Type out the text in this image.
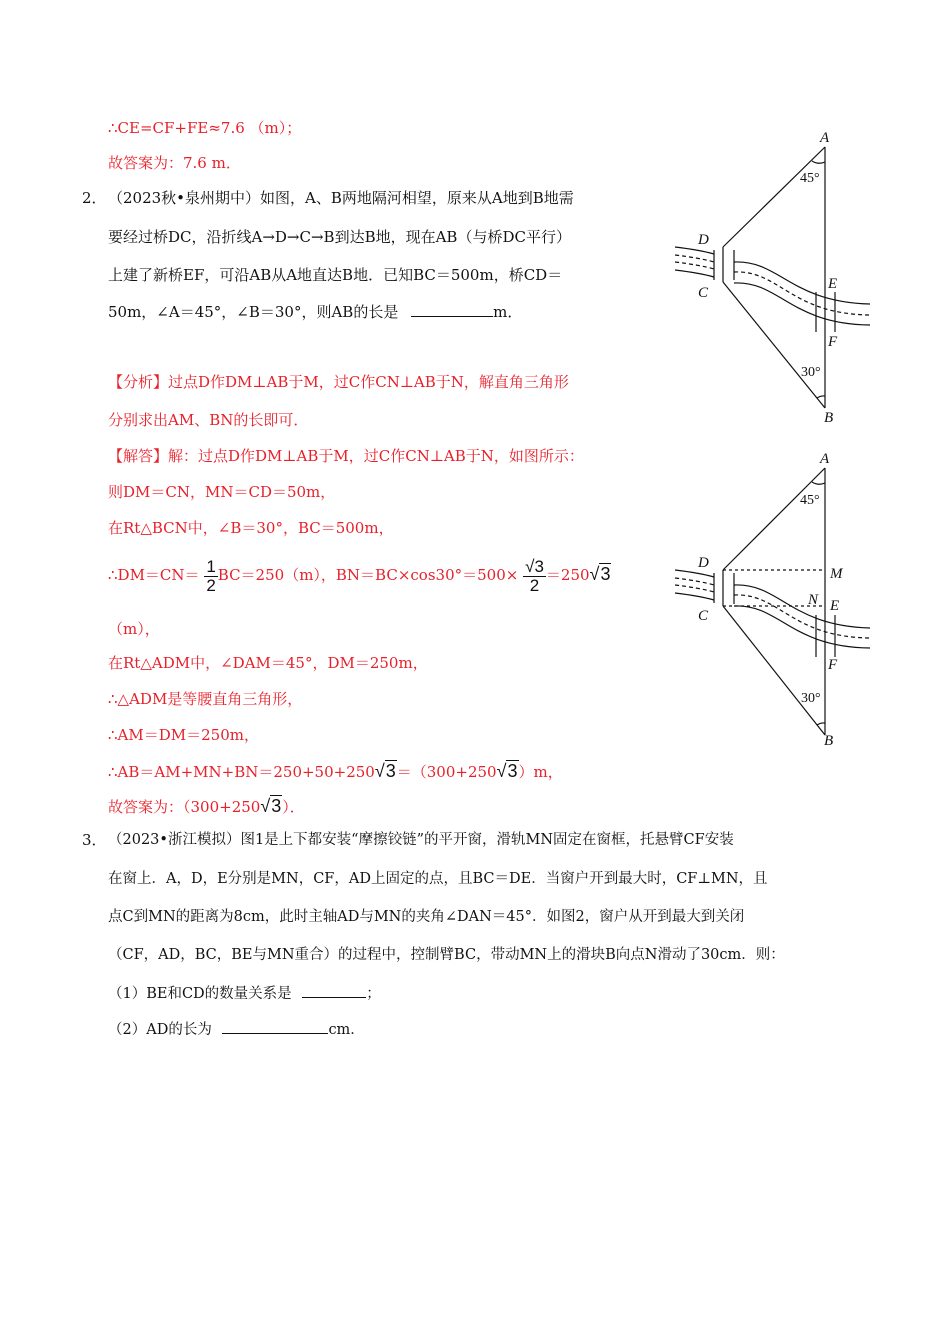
∴CE=CF+FE≈7.6 （m）；
故答案为：7.6 m．
2． （2023秋•泉州期中）如图，A、B两地隔河相望，原来从A地到B地需
要经过桥DC，沿折线A→D→C→B到达B地，现在AB（与桥DC平行）
上建了新桥EF，可沿AB从A地直达B地．已知BC＝500m，桥CD＝
50m，∠A＝45°，∠B＝30°，则AB的长是	m．
【分析】过点D作DM⊥AB于M，过C作CN⊥AB于N，解直角三角形
分别求出AM、BN的长即可．
【解答】解：过点D作DM⊥AB于M，过C作CN⊥AB于N，如图所示：
则DM＝CN，MN＝CD＝50m，
在Rt△BCN中，∠B＝30°，BC＝500m，
∴DM＝CN＝ $\frac{1}{2} BC=250(m)$，$BN=BC\times\cos 30^\circ=500\times \frac{√3}{2} =250√3$
（m），
在Rt△ADM中，∠DAM＝45°，DM＝250m，
∴△ADM是等腰直角三角形，
∴AM＝DM＝250m，
∴AB＝AM+MN+BN＝250+50+250√3＝（300+250√3）m，
故答案为：（300+250√3）．
A
45°
D
C
E
F
30°
B
A
45°
D
C
M
N E
F
30°
B
3． （2023•浙江模拟）图1是上下都安装“摩擦铰链”的平开窗，滑轨MN固定在窗框，托悬臂CF安装
在窗上．A，D，E分别是MN，CF，AD上固定的点，且BC＝DE．当窗户开到最大时，CF⊥MN，且
点C到MN的距离为8cm，此时主轴AD与MN的夹角∠DAN＝45°．如图2，窗户从开到最大到关闭
（CF，AD，BC，BE与MN重合）的过程中，控制臂BC，带动MN上的滑块B向点N滑动了30cm．则：
（1）BE和CD的数量关系是	；
（2）AD的长为	cm．
